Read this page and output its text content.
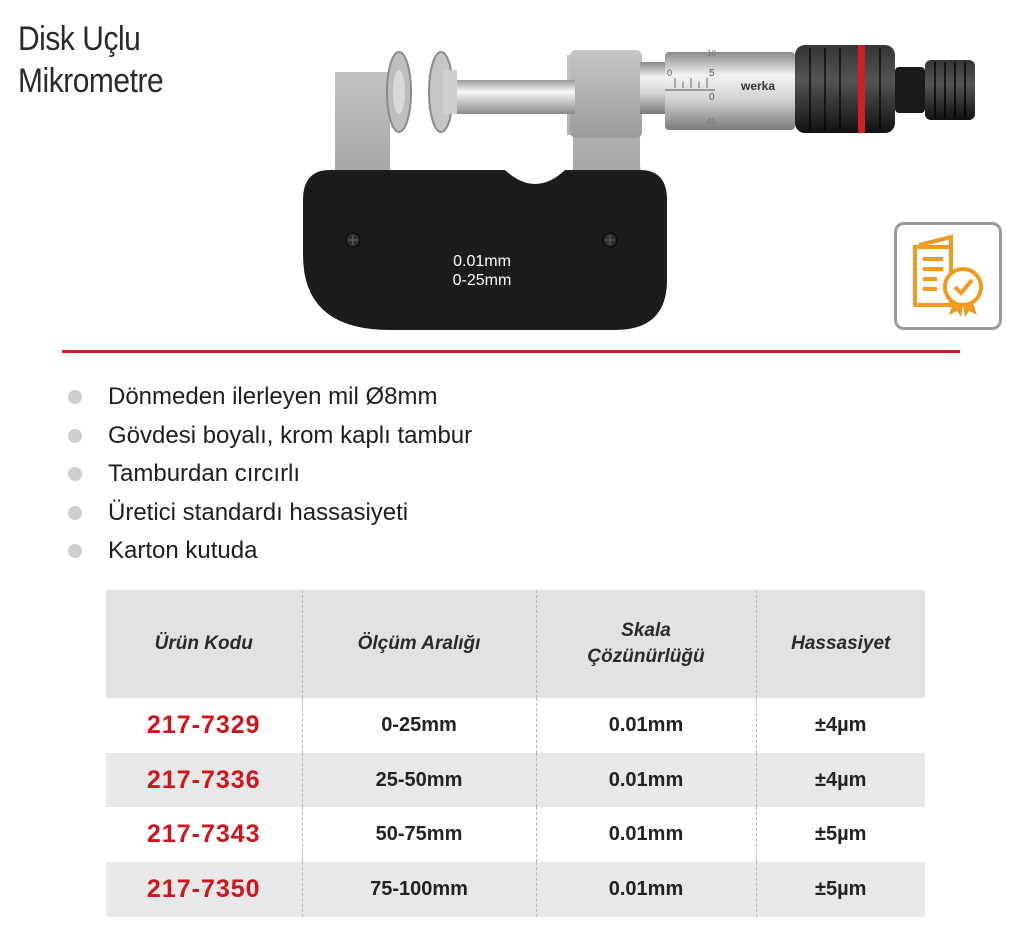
Disk Uçlu
Mikrometre	0
10
5
0
45
werka
0.01mm
0-25mm
Dönmeden ilerleyen mil Ø8mm
Gövdesi boyalı, krom kaplı tambur
Tamburdan cırcırlı
Üretici standardı hassasiyeti
Karton kutuda
Ürün Kodu	Ölçüm Aralığı	Skala Çözünürlüğü	Hassasiyet
217-7329	0-25mm	0.01mm	±4µm
217-7336	25-50mm	0.01mm	±4µm
217-7343	50-75mm	0.01mm	±5µm
217-7350	75-100mm	0.01mm	±5µm
